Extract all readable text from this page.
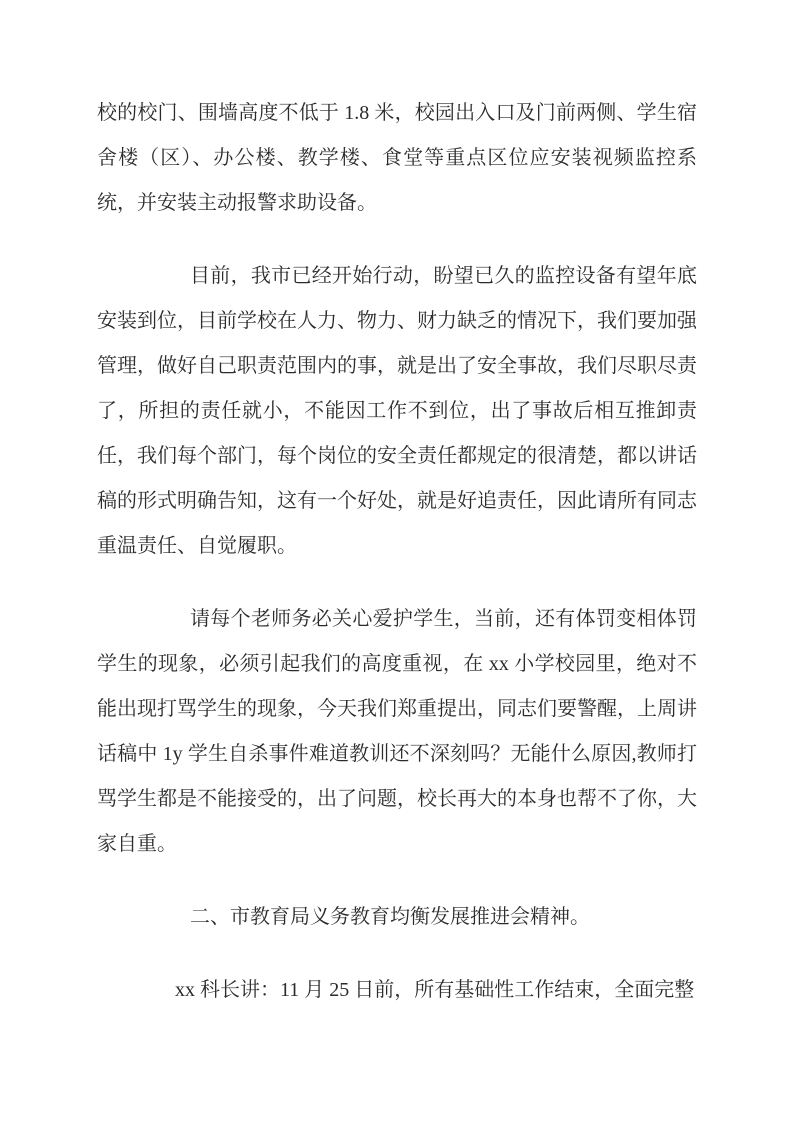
校的校门、围墙高度不低于 1.8 米，校园出入口及门前两侧、学生宿舍楼（区）、办公楼、教学楼、食堂等重点区位应安装视频监控系统，并安装主动报警求助设备。

目前，我市已经开始行动，盼望已久的监控设备有望年底安装到位，目前学校在人力、物力、财力缺乏的情况下，我们要加强管理，做好自己职责范围内的事，就是出了安全事故，我们尽职尽责了，所担的责任就小，不能因工作不到位，出了事故后相互推卸责任，我们每个部门，每个岗位的安全责任都规定的很清楚，都以讲话稿的形式明确告知，这有一个好处，就是好追责任，因此请所有同志重温责任、自觉履职。

请每个老师务必关心爱护学生，当前，还有体罚变相体罚学生的现象，必须引起我们的高度重视，在 xx 小学校园里，绝对不能出现打骂学生的现象，今天我们郑重提出，同志们要警醒，上周讲话稿中 1y 学生自杀事件难道教训还不深刻吗？无能什么原因,教师打骂学生都是不能接受的，出了问题，校长再大的本身也帮不了你，大家自重。

二、市教育局义务教育均衡发展推进会精神。

xx 科长讲：11 月 25 日前，所有基础性工作结束，全面完整
